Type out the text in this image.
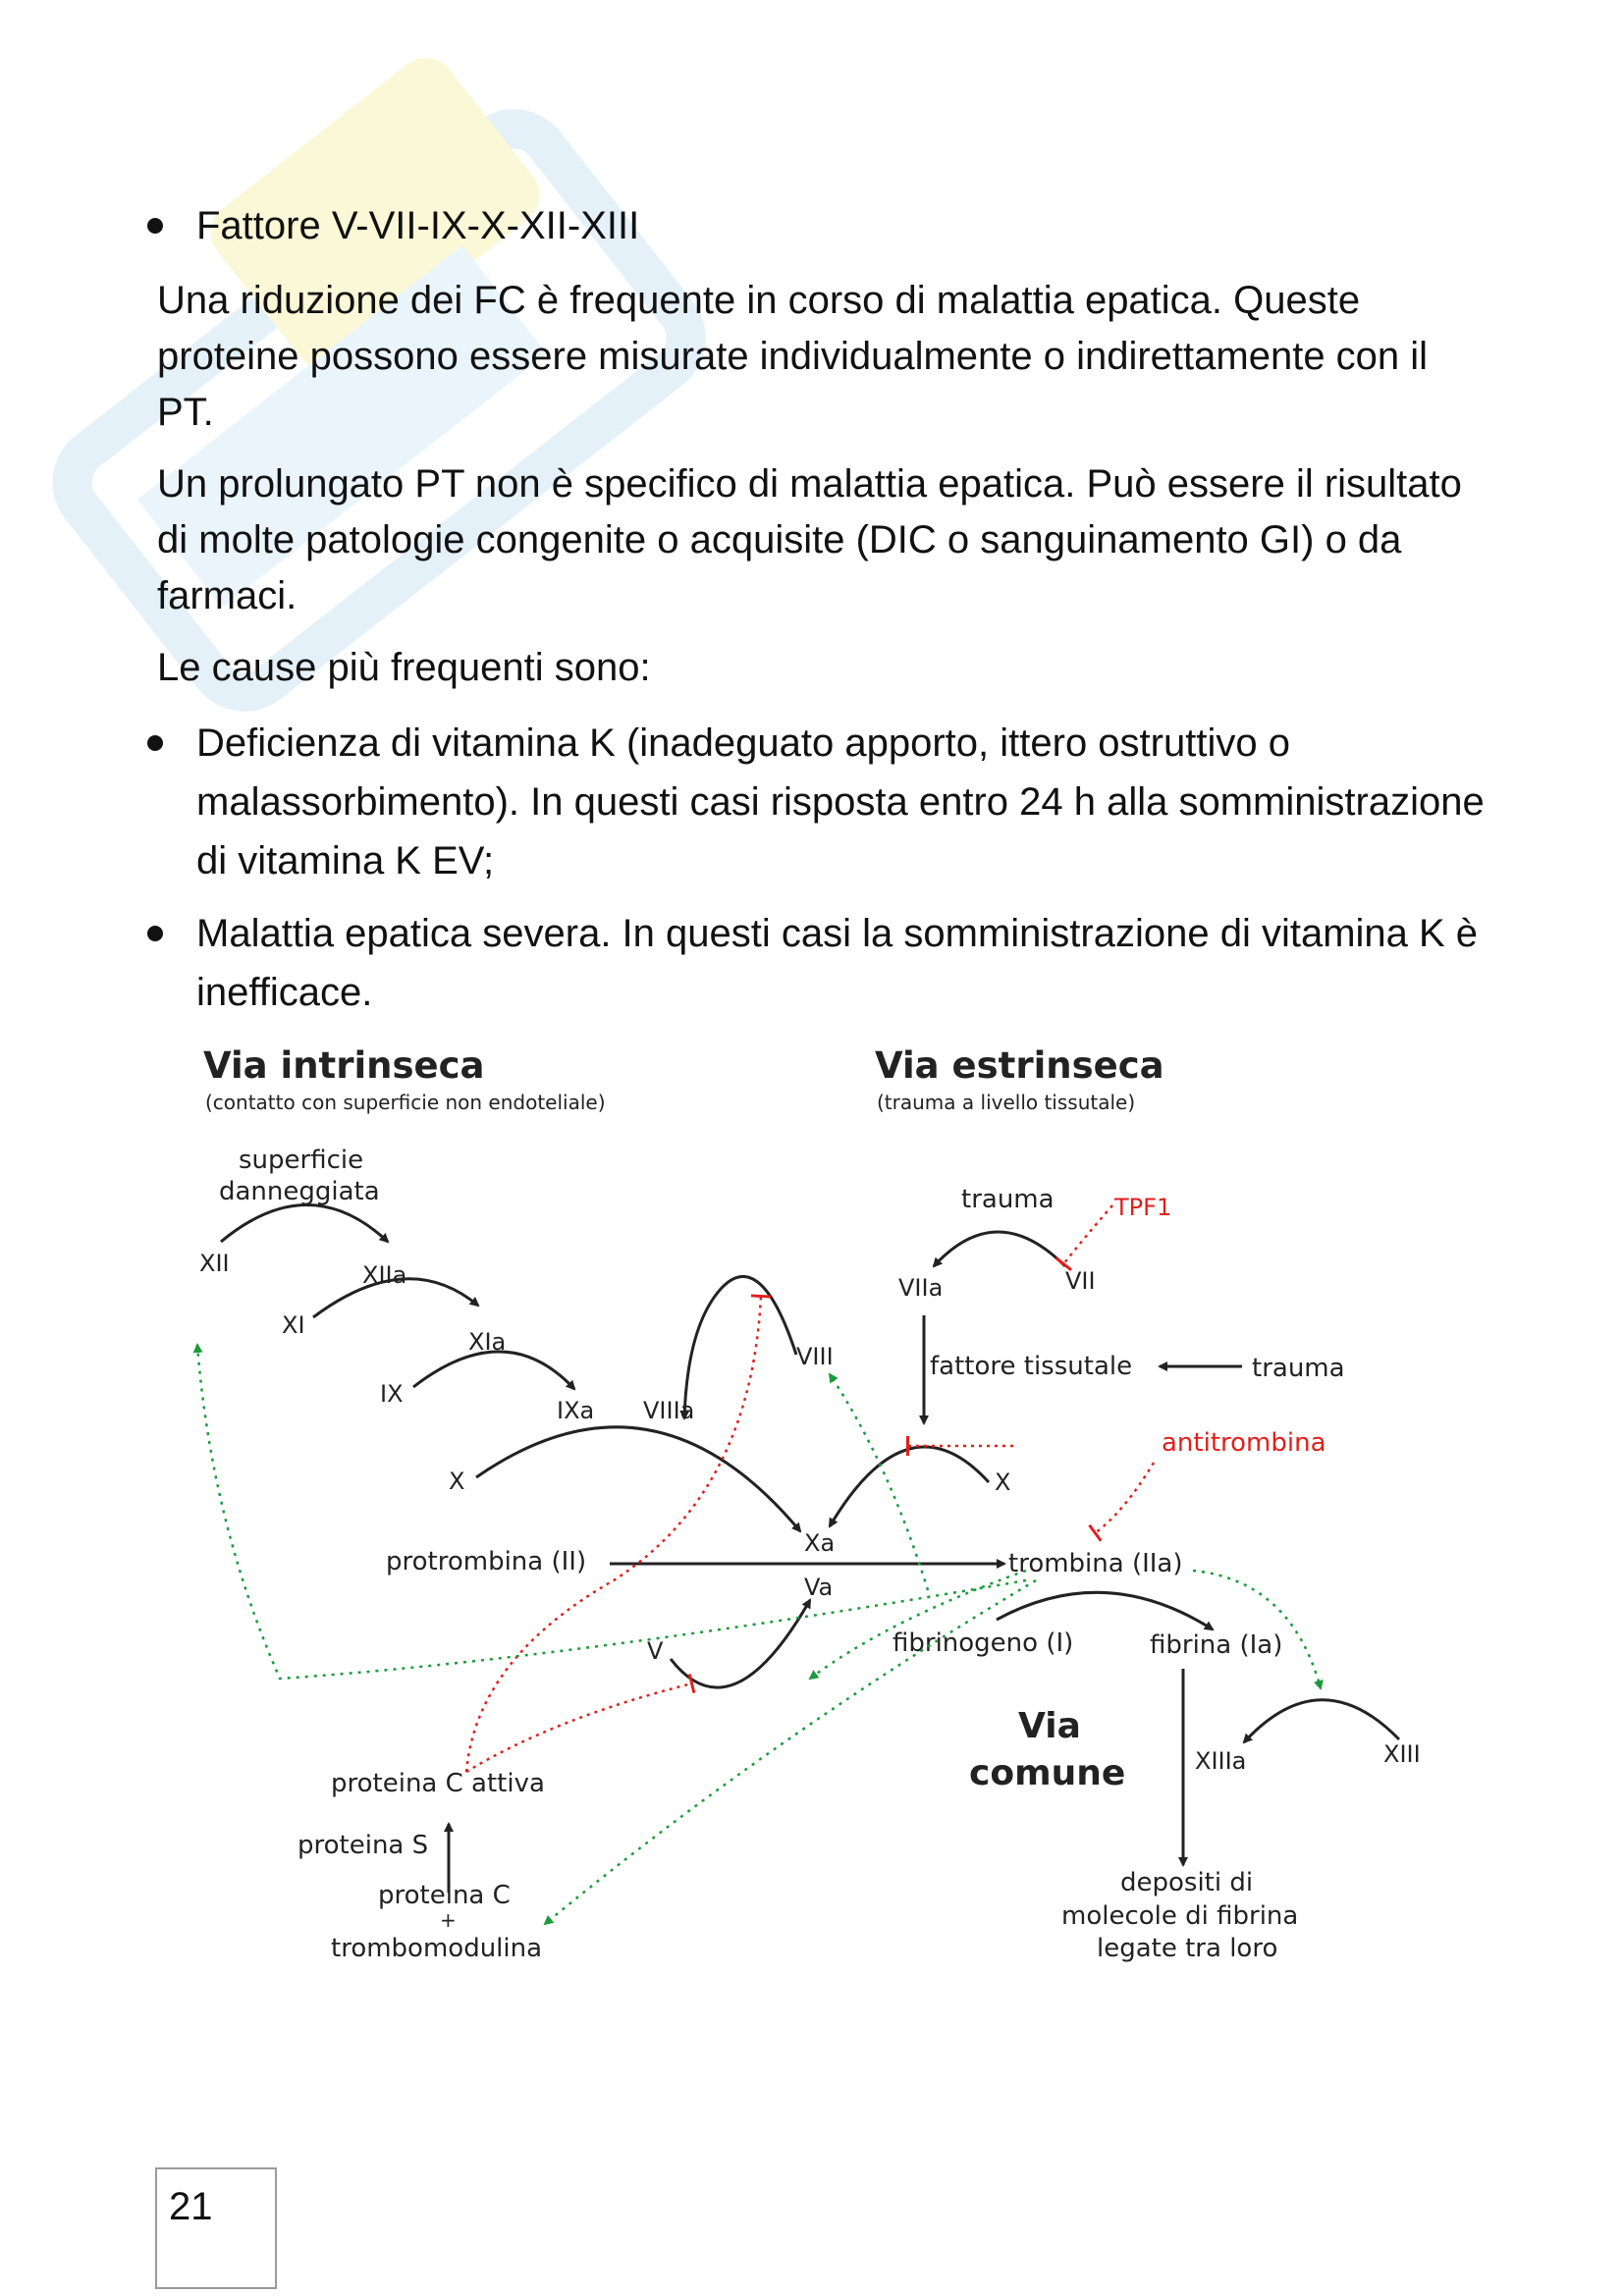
Fattore V-VII-IX-X-XII-XIII
Una riduzione dei FC è frequente in corso di malattia epatica. Queste proteine possono essere misurate individualmente o indirettamente con il PT.
Un prolungato PT non è specifico di malattia epatica. Può essere il risultato di molte patologie congenite o acquisite (DIC o sanguinamento GI) o da farmaci.
Le cause più frequenti sono:
Deficienza di vitamina K (inadeguato apporto, ittero ostruttivo o malassorbimento). In questi casi risposta entro 24 h alla somministrazione di vitamina K EV;
Malattia epatica severa. In questi casi la somministrazione di vitamina K è inefficace.
Via intrinseca
(contatto con superficie non endoteliale)
Via estrinseca
(trauma a livello tissutale)
superficie
danneggiata
XII	XIIa
XI
XIa
IX
IXa VIIIa
VIII
X
Xa
Va
V
trauma	TPF1
VIIa	VII
fattore tissutale	trauma
antitrombina
X
protrombina (II)	trombina (IIa)
fibrinogeno (I)	fibrina (Ia)
Via
comune	XIIIa	XIII
depositi di
molecole di fibrina
legate tra loro
proteina C attiva
proteina S
proteina C
+
trombomodulina
21
